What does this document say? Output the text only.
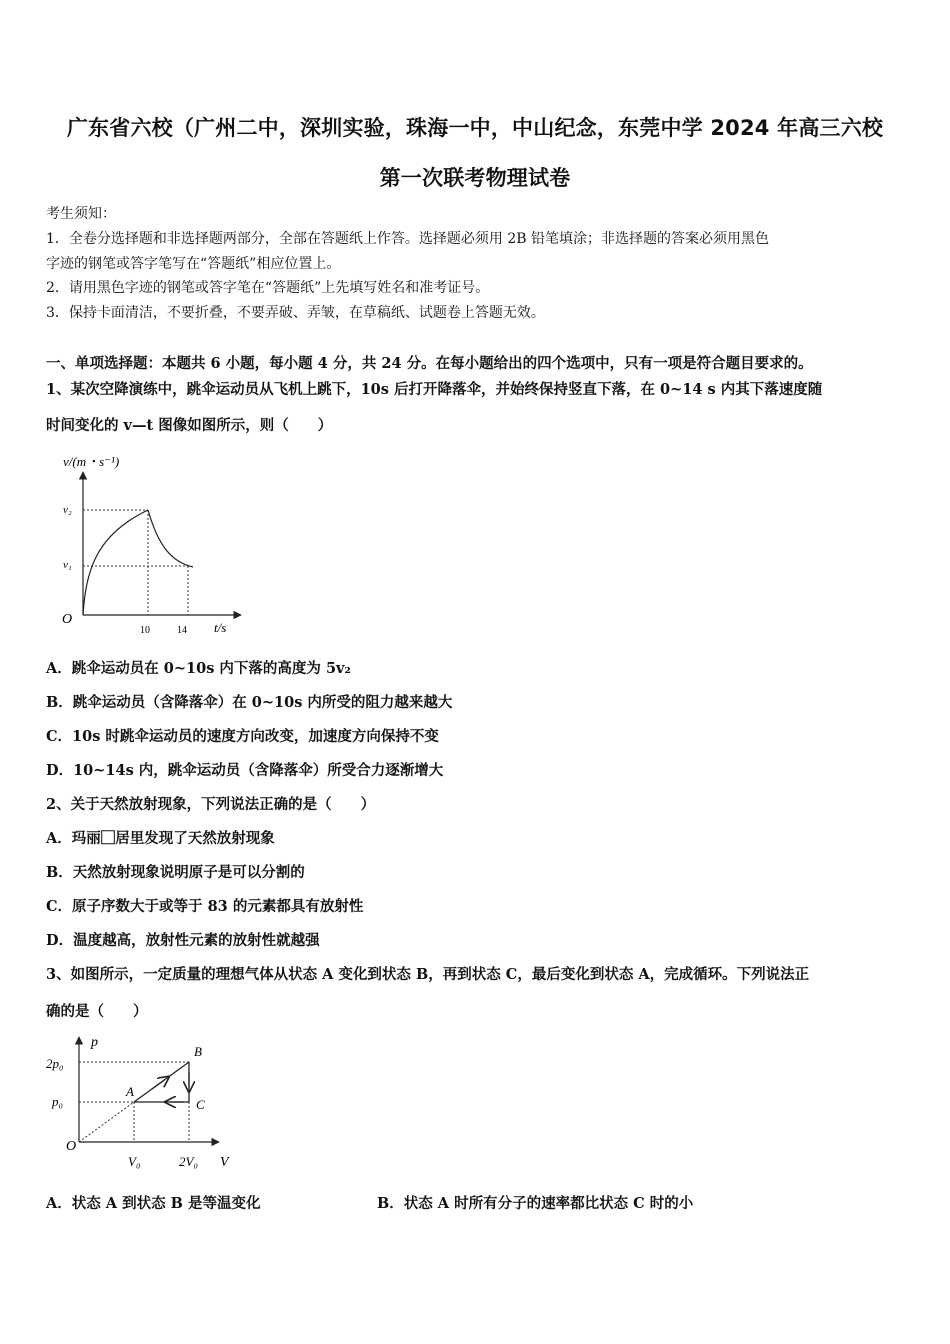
广东省六校（广州二中，深圳实验，珠海一中，中山纪念，东莞中学 2024 年高三六校
第一次联考物理试卷
考生须知：
1．全卷分选择题和非选择题两部分，全部在答题纸上作答。选择题必须用 2B 铅笔填涂；非选择题的答案必须用黑色
字迹的钢笔或答字笔写在“答题纸”相应位置上。
2．请用黑色字迹的钢笔或答字笔在“答题纸”上先填写姓名和准考证号。
3．保持卡面清洁，不要折叠，不要弄破、弄皱，在草稿纸、试题卷上答题无效。
一、单项选择题：本题共 6 小题，每小题 4 分，共 24 分。在每小题给出的四个选项中，只有一项是符合题目要求的。
1、某次空降演练中，跳伞运动员从飞机上跳下，10s 后打开降落伞，并始终保持竖直下落，在 0~14 s 内其下落速度随
时间变化的 v—t 图像如图所示，则（　　）
v/(m・s⁻¹)
t/s
O
v₂
v₁
10	14
A．跳伞运动员在 0~10s 内下落的高度为 5v₂
B．跳伞运动员（含降落伞）在 0~10s 内所受的阻力越来越大
C．10s 时跳伞运动员的速度方向改变，加速度方向保持不变
D．10~14s 内，跳伞运动员（含降落伞）所受合力逐渐增大
2、关于天然放射现象，下列说法正确的是（　　）
A．玛丽⃞居里发现了天然放射现象
B．天然放射现象说明原子是可以分割的
C．原子序数大于或等于 83 的元素都具有放射性
D．温度越高，放射性元素的放射性就越强
3、如图所示，一定质量的理想气体从状态 A 变化到状态 B，再到状态 C，最后变化到状态 A，完成循环。下列说法正
确的是（　　）
p
V
O
2p₀
p₀
V₀	2V₀
A
B
C
A．状态 A 到状态 B 是等温变化	B．状态 A 时所有分子的速率都比状态 C 时的小
